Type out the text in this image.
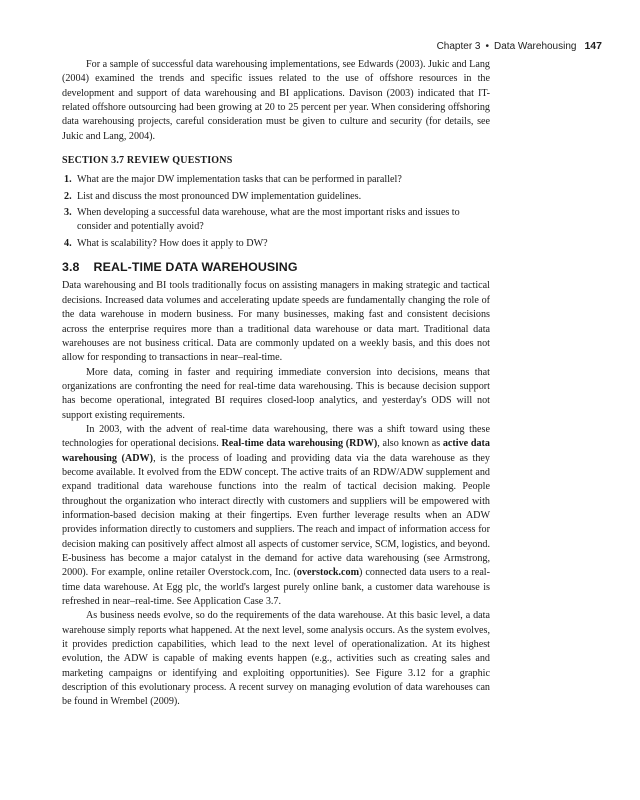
Chapter 3 • Data Warehousing 147

For a sample of successful data warehousing implementations, see Edwards (2003). Jukic and Lang (2004) examined the trends and specific issues related to the use of offshore resources in the development and support of data warehousing and BI applications. Davison (2003) indicated that IT-related offshore outsourcing had been growing at 20 to 25 percent per year. When considering offshoring data warehousing projects, careful consideration must be given to culture and security (for details, see Jukic and Lang, 2004).

SECTION 3.7 REVIEW QUESTIONS
1. What are the major DW implementation tasks that can be performed in parallel?
2. List and discuss the most pronounced DW implementation guidelines.
3. When developing a successful data warehouse, what are the most important risks and issues to consider and potentially avoid?
4. What is scalability? How does it apply to DW?
3.8 REAL-TIME DATA WAREHOUSING

Data warehousing and BI tools traditionally focus on assisting managers in making strategic and tactical decisions. Increased data volumes and accelerating update speeds are fundamentally changing the role of the data warehouse in modern business. For many businesses, making fast and consistent decisions across the enterprise requires more than a traditional data warehouse or data mart. Traditional data warehouses are not business critical. Data are commonly updated on a weekly basis, and this does not allow for responding to transactions in near–real-time.

More data, coming in faster and requiring immediate conversion into decisions, means that organizations are confronting the need for real-time data warehousing. This is because decision support has become operational, integrated BI requires closed-loop analytics, and yesterday's ODS will not support existing requirements.

In 2003, with the advent of real-time data warehousing, there was a shift toward using these technologies for operational decisions. Real-time data warehousing (RDW), also known as active data warehousing (ADW), is the process of loading and providing data via the data warehouse as they become available. It evolved from the EDW concept. The active traits of an RDW/ADW supplement and expand traditional data warehouse functions into the realm of tactical decision making. People throughout the organization who interact directly with customers and suppliers will be empowered with information-based decision making at their fingertips. Even further leverage results when an ADW provides information directly to customers and suppliers. The reach and impact of information access for decision making can positively affect almost all aspects of customer service, SCM, logistics, and beyond. E-business has become a major catalyst in the demand for active data warehousing (see Armstrong, 2000). For example, online retailer Overstock.com, Inc. (overstock.com) connected data users to a real-time data warehouse. At Egg plc, the world's largest purely online bank, a customer data warehouse is refreshed in near–real-time. See Application Case 3.7.

As business needs evolve, so do the requirements of the data warehouse. At this basic level, a data warehouse simply reports what happened. At the next level, some analysis occurs. As the system evolves, it provides prediction capabilities, which lead to the next level of operationalization. At its highest evolution, the ADW is capable of making events happen (e.g., activities such as creating sales and marketing campaigns or identifying and exploiting opportunities). See Figure 3.12 for a graphic description of this evolutionary process. A recent survey on managing evolution of data warehouses can be found in Wrembel (2009).
